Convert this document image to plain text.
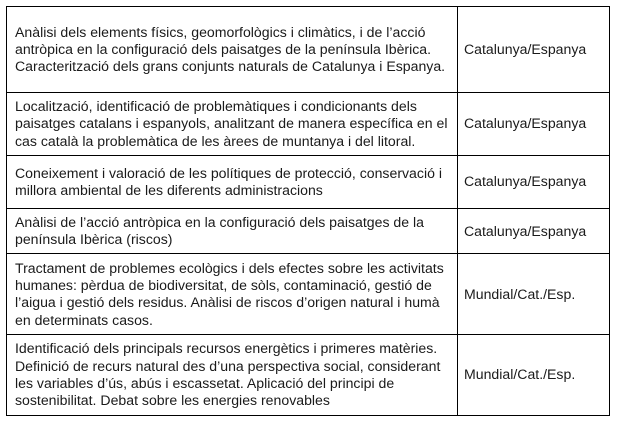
Anàlisi dels elements físics, geomorfològics i climàtics, i de l’acció antròpica en la configuració dels paisatges de la península Ibèrica. Caracterització dels grans conjunts naturals de Catalunya i Espanya.	Catalunya/Espanya
Localització, identificació de problemàtiques i condicionants dels paisatges catalans i espanyols, analitzant de manera específica en el cas català la problemàtica de les àrees de muntanya i del litoral.	Catalunya/Espanya
Coneixement i valoració de les polítiques de protecció, conservació i millora ambiental de les diferents administracions	Catalunya/Espanya
Anàlisi de l’acció antròpica en la configuració dels paisatges de la península Ibèrica (riscos)	Catalunya/Espanya
Tractament de problemes ecològics i dels efectes sobre les activitats humanes: pèrdua de biodiversitat, de sòls, contaminació, gestió de l’aigua i gestió dels residus. Anàlisi de riscos d’origen natural i humà en determinats casos.	Mundial/Cat./Esp.
Identificació dels principals recursos energètics i primeres matèries. Definició de recurs natural des d’una perspectiva social, considerant les variables d’ús, abús i escassetat. Aplicació del principi de sostenibilitat. Debat sobre les energies renovables	Mundial/Cat./Esp.
